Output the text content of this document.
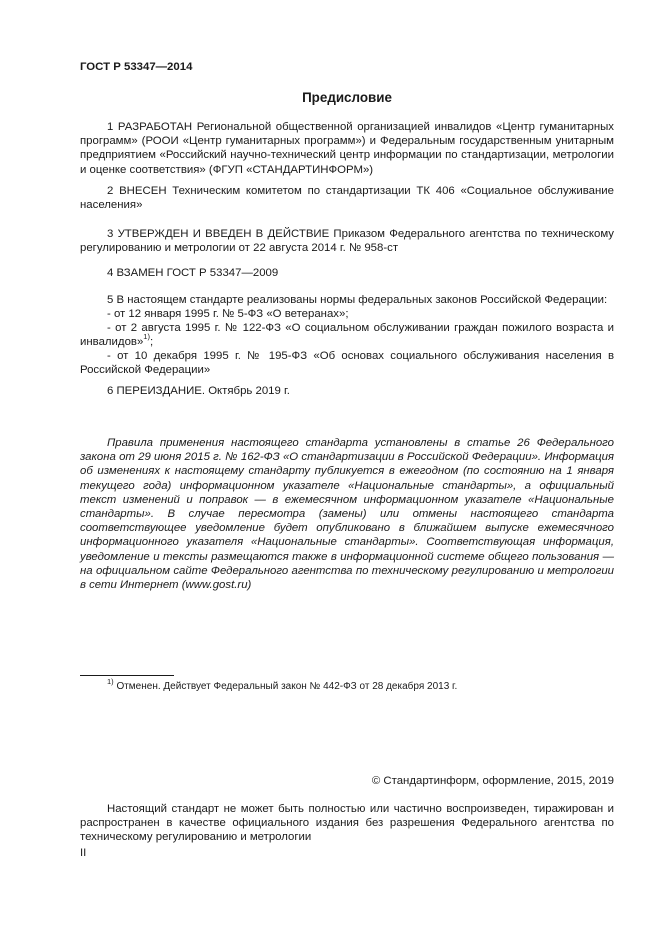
ГОСТ Р 53347—2014
Предисловие
1 РАЗРАБОТАН Региональной общественной организацией инвалидов «Центр гуманитарных программ» (РООИ «Центр гуманитарных программ») и Федеральным государственным унитарным предприятием «Российский научно-технический центр информации по стандартизации, метрологии и оценке соответствия» (ФГУП «СТАНДАРТИНФОРМ»)
2 ВНЕСЕН Техническим комитетом по стандартизации ТК 406 «Социальное обслуживание населения»
3 УТВЕРЖДЕН И ВВЕДЕН В ДЕЙСТВИЕ Приказом Федерального агентства по техническому регулированию и метрологии от 22 августа 2014 г. № 958-ст
4 ВЗАМЕН ГОСТ Р 53347—2009
5 В настоящем стандарте реализованы нормы федеральных законов Российской Федерации:
- от 12 января 1995 г. № 5-ФЗ «О ветеранах»;
- от 2 августа 1995 г. № 122-ФЗ «О социальном обслуживании граждан пожилого возраста и инвалидов»$^{1)}$;
- от 10 декабря 1995 г. № 195-ФЗ «Об основах социального обслуживания населения в Российской Федерации»
6 ПЕРЕИЗДАНИЕ. Октябрь 2019 г.
Правила применения настоящего стандарта установлены в статье 26 Федерального закона от 29 июня 2015 г. № 162-ФЗ «О стандартизации в Российской Федерации». Информация об изменениях к настоящему стандарту публикуется в ежегодном (по состоянию на 1 января текущего года) информационном указателе «Национальные стандарты», а официальный текст изменений и поправок — в ежемесячном информационном указателе «Национальные стандарты». В случае пересмотра (замены) или отмены настоящего стандарта соответствующее уведомление будет опубликовано в ближайшем выпуске ежемесячного информационного указателя «Национальные стандарты». Соответствующая информация, уведомление и тексты размещаются также в информационной системе общего пользования — на официальном сайте Федерального агентства по техническому регулированию и метрологии в сети Интернет (www.gost.ru)
$^{1)}$ Отменен. Действует Федеральный закон № 442-ФЗ от 28 декабря 2013 г.
© Стандартинформ, оформление, 2015, 2019
Настоящий стандарт не может быть полностью или частично воспроизведен, тиражирован и распространен в качестве официального издания без разрешения Федерального агентства по техническому регулированию и метрологии
II
